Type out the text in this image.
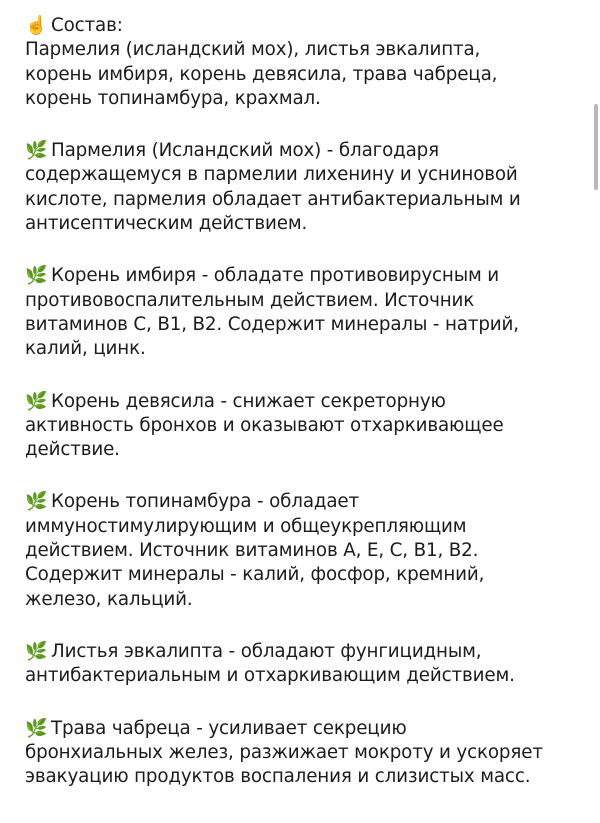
☝️ Состав:
Пармелия (исландский мох), листья эвкалипта,
корень имбиря, корень девясила, трава чабреца,
корень топинамбура, крахмал.
🌿 Пармелия (Исландский мох) - благодаря
содержащемуся в пармелии лихенину и усниновой
кислоте, пармелия обладает антибактериальным и
антисептическим действием.
🌿 Корень имбиря - обладате противовирусным и
противовоспалительным действием. Источник
витаминов С, В1, В2. Содержит минералы - натрий,
калий, цинк.
🌿 Корень девясила - снижает секреторную
активность бронхов и оказывают отхаркивающее
действие.
🌿 Корень топинамбура - обладает
иммуностимулирующим и общеукрепляющим
действием. Источник витаминов А, Е, С, В1, В2.
Содержит минералы - калий, фосфор, кремний,
железо, кальций.
🌿 Листья эвкалипта - обладают фунгицидным,
антибактериальным и отхаркивающим действием.
🌿 Трава чабреца - усиливает секрецию
бронхиальных желез, разжижает мокроту и ускоряет
эвакуацию продуктов воспаления и слизистых масс.
